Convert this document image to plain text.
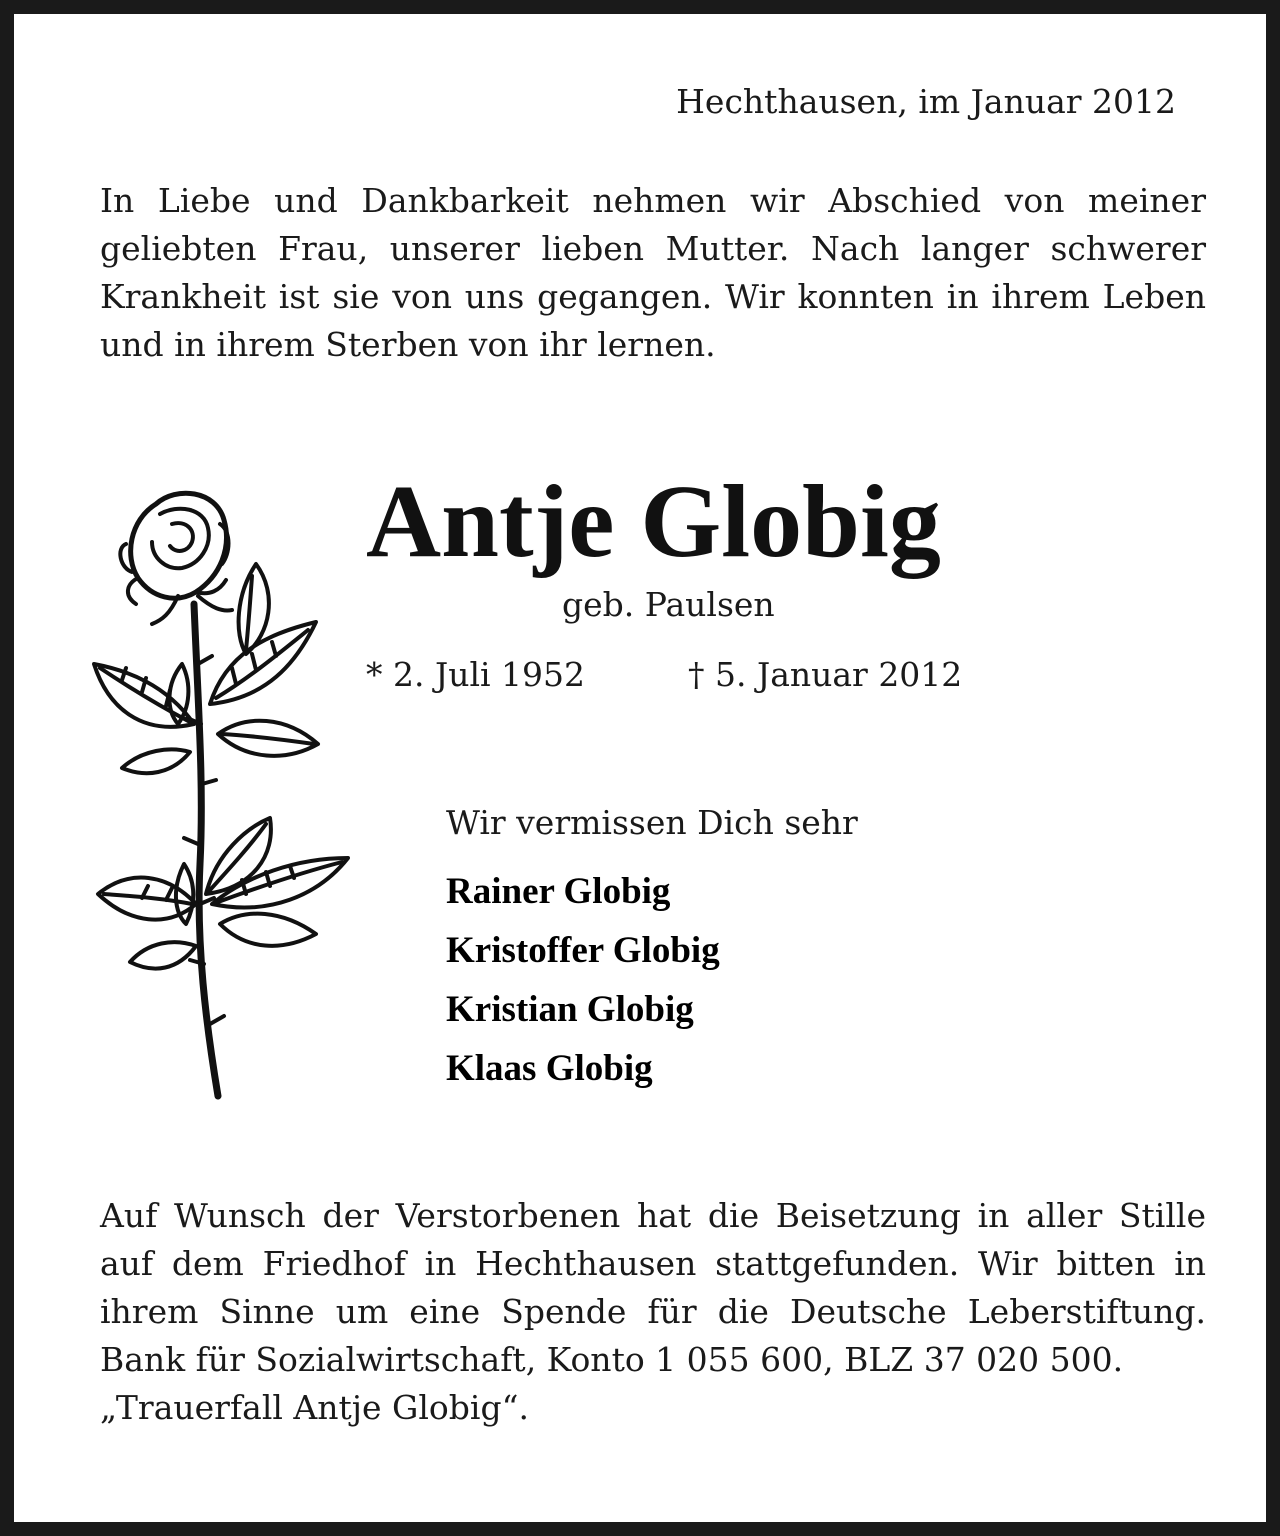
Hechthausen, im Januar 2012
In Liebe und Dankbarkeit nehmen wir Abschied von meiner geliebten Frau, unserer lieben Mutter. Nach langer schwerer Krankheit ist sie von uns gegangen. Wir konnten in ihrem Leben und in ihrem Sterben von ihr lernen.
Antje Globig
geb. Paulsen
* 2. Juli 1952	† 5. Januar 2012
Wir vermissen Dich sehr
Rainer Globig
Kristoffer Globig
Kristian Globig
Klaas Globig
Auf Wunsch der Verstorbenen hat die Beisetzung in aller Stille auf dem Friedhof in Hechthausen stattgefunden. Wir bitten in ihrem Sinne um eine Spende für die Deutsche Leberstiftung. Bank für Sozialwirtschaft, Konto 1 055 600, BLZ 37 020 500.
„Trauerfall Antje Globig“.
